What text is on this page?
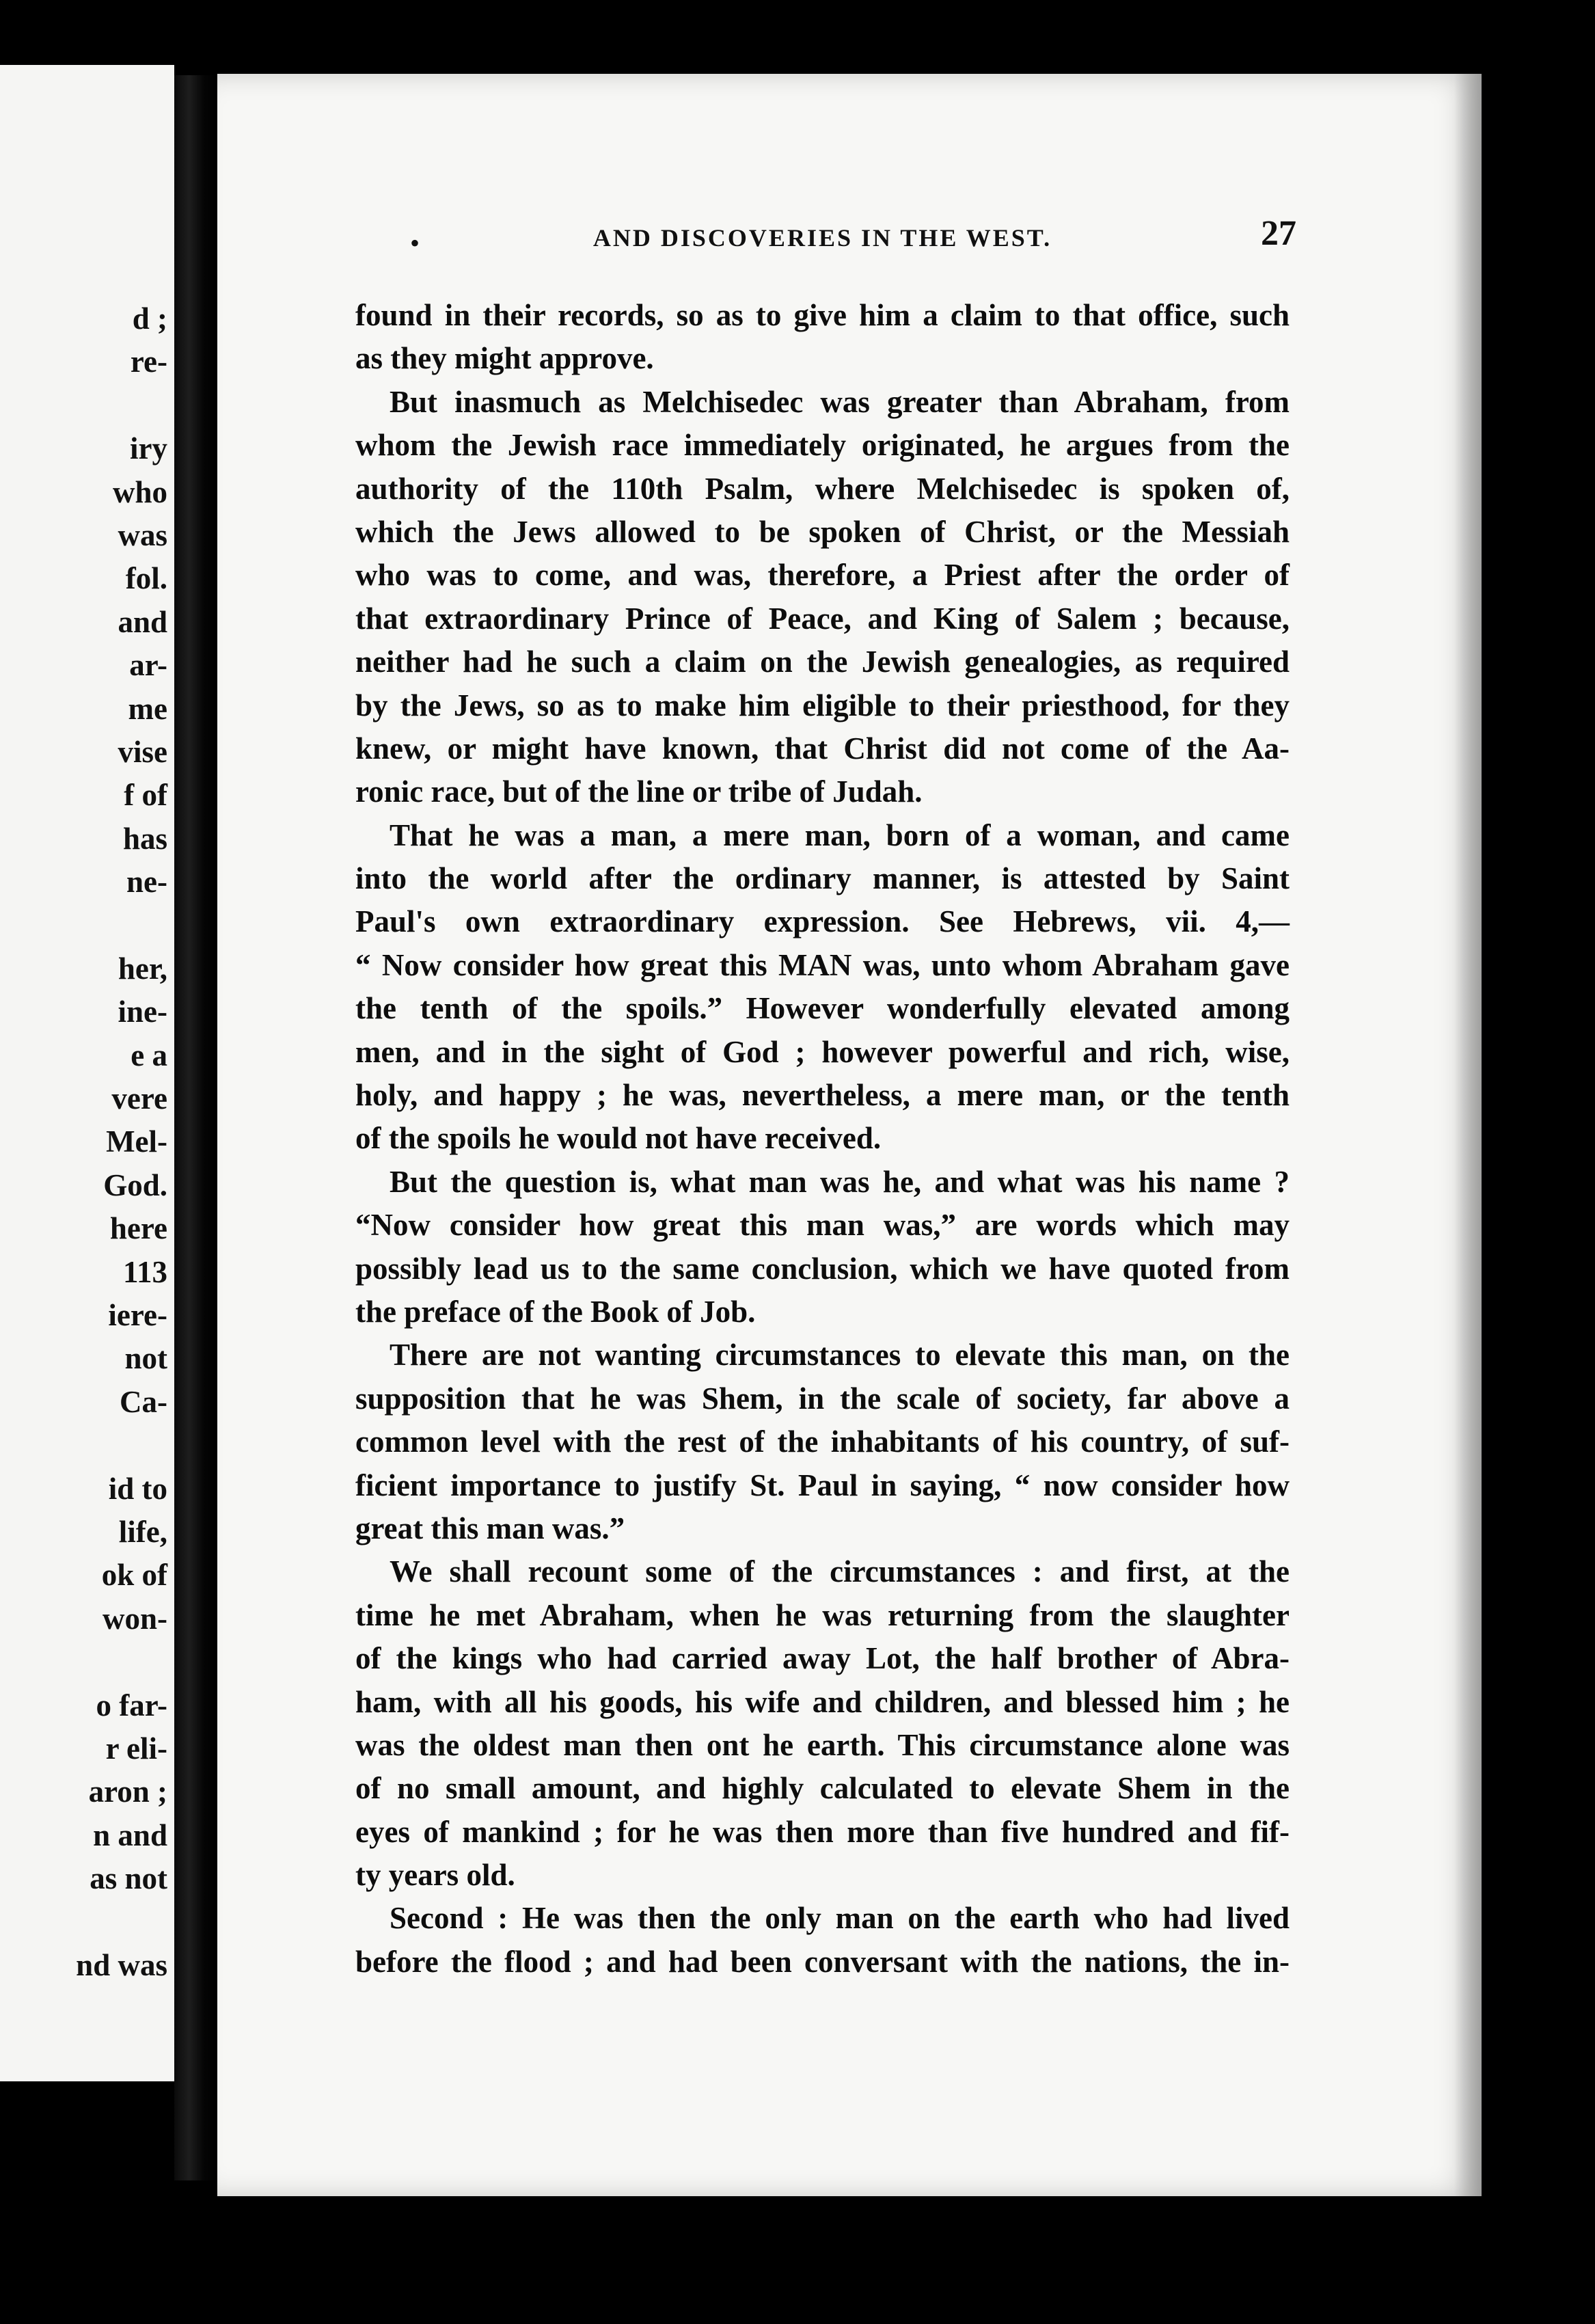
d ;
re-
iry
who
was
fol.
and
ar-
me
vise
f of
has
ne-
her,
ine-
e a
vere
Mel-
God.
here
113
iere-
not
Ca-
id to
life,
ok of
won-
o far-
r eli-
aron ;
n and
as not
nd was
•	AND DISCOVERIES IN THE WEST.	27
found in their records, so as to give him a claim to that office, such
as they might approve.
But inasmuch as Melchisedec was greater than Abraham, from
whom the Jewish race immediately originated, he argues from the
authority of the 110th Psalm, where Melchisedec is spoken of,
which the Jews allowed to be spoken of Christ, or the Messiah
who was to come, and was, therefore, a Priest after the order of
that extraordinary Prince of Peace, and King of Salem ; because,
neither had he such a claim on the Jewish genealogies, as required
by the Jews, so as to make him eligible to their priesthood, for they
knew, or might have known, that Christ did not come of the Aa-
ronic race, but of the line or tribe of Judah.
That he was a man, a mere man, born of a woman, and came
into the world after the ordinary manner, is attested by Saint
Paul's own extraordinary expression. See Hebrews, vii. 4,—
“ Now consider how great this MAN was, unto whom Abraham gave
the tenth of the spoils.” However wonderfully elevated among
men, and in the sight of God ; however powerful and rich, wise,
holy, and happy ; he was, nevertheless, a mere man, or the tenth
of the spoils he would not have received.
But the question is, what man was he, and what was his name ?
“Now consider how great this man was,” are words which may
possibly lead us to the same conclusion, which we have quoted from
the preface of the Book of Job.
There are not wanting circumstances to elevate this man, on the
supposition that he was Shem, in the scale of society, far above a
common level with the rest of the inhabitants of his country, of suf-
ficient importance to justify St. Paul in saying, “ now consider how
great this man was.”
We shall recount some of the circumstances : and first, at the
time he met Abraham, when he was returning from the slaughter
of the kings who had carried away Lot, the half brother of Abra-
ham, with all his goods, his wife and children, and blessed him ; he
was the oldest man then ont he earth. This circumstance alone was
of no small amount, and highly calculated to elevate Shem in the
eyes of mankind ; for he was then more than five hundred and fif-
ty years old.
Second : He was then the only man on the earth who had lived
before the flood ; and had been conversant with the nations, the in-
